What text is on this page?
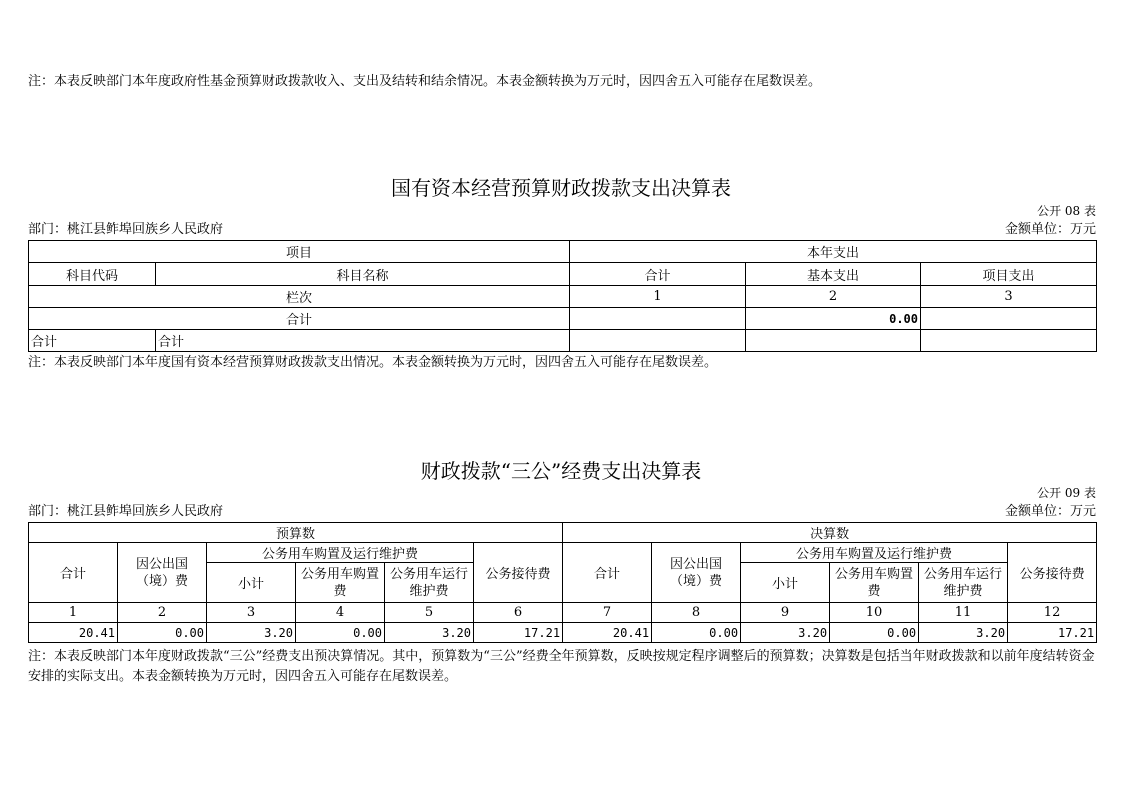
注：本表反映部门本年度政府性基金预算财政拨款收入、支出及结转和结余情况。本表金额转换为万元时，因四舍五入可能存在尾数误差。
国有资本经营预算财政拨款支出决算表
公开 08 表
部门：桃江县鲊埠回族乡人民政府	金额单位：万元
项目		本年支出		
科目代码	科目名称	合计	基本支出	项目支出
栏次		1	2	3
合计			0.00	
合计	合计			
注：本表反映部门本年度国有资本经营预算财政拨款支出情况。本表金额转换为万元时，因四舍五入可能存在尾数误差。
财政拨款“三公”经费支出决算表
公开 09 表
部门：桃江县鲊埠回族乡人民政府	金额单位：万元
预算数						决算数					
合计	因公出国（境）费	公务用车购置及运行维护费			公务接待费	合计	因公出国（境）费	公务用车购置及运行维护费			公务接待费
		小计	公务用车购置费	公务用车运行维护费				小计	公务用车购置费	公务用车运行维护费	
1	2	3	4	5	6	7	8	9	10	11	12
20.41	0.00	3.20	0.00	3.20	17.21	20.41	0.00	3.20	0.00	3.20	17.21
注：本表反映部门本年度财政拨款“三公”经费支出预决算情况。其中，预算数为“三公”经费全年预算数，反映按规定程序调整后的预算数；决算数是包括当年财政拨款和以前年度结转资金安排的实际支出。本表金额转换为万元时，因四舍五入可能存在尾数误差。
